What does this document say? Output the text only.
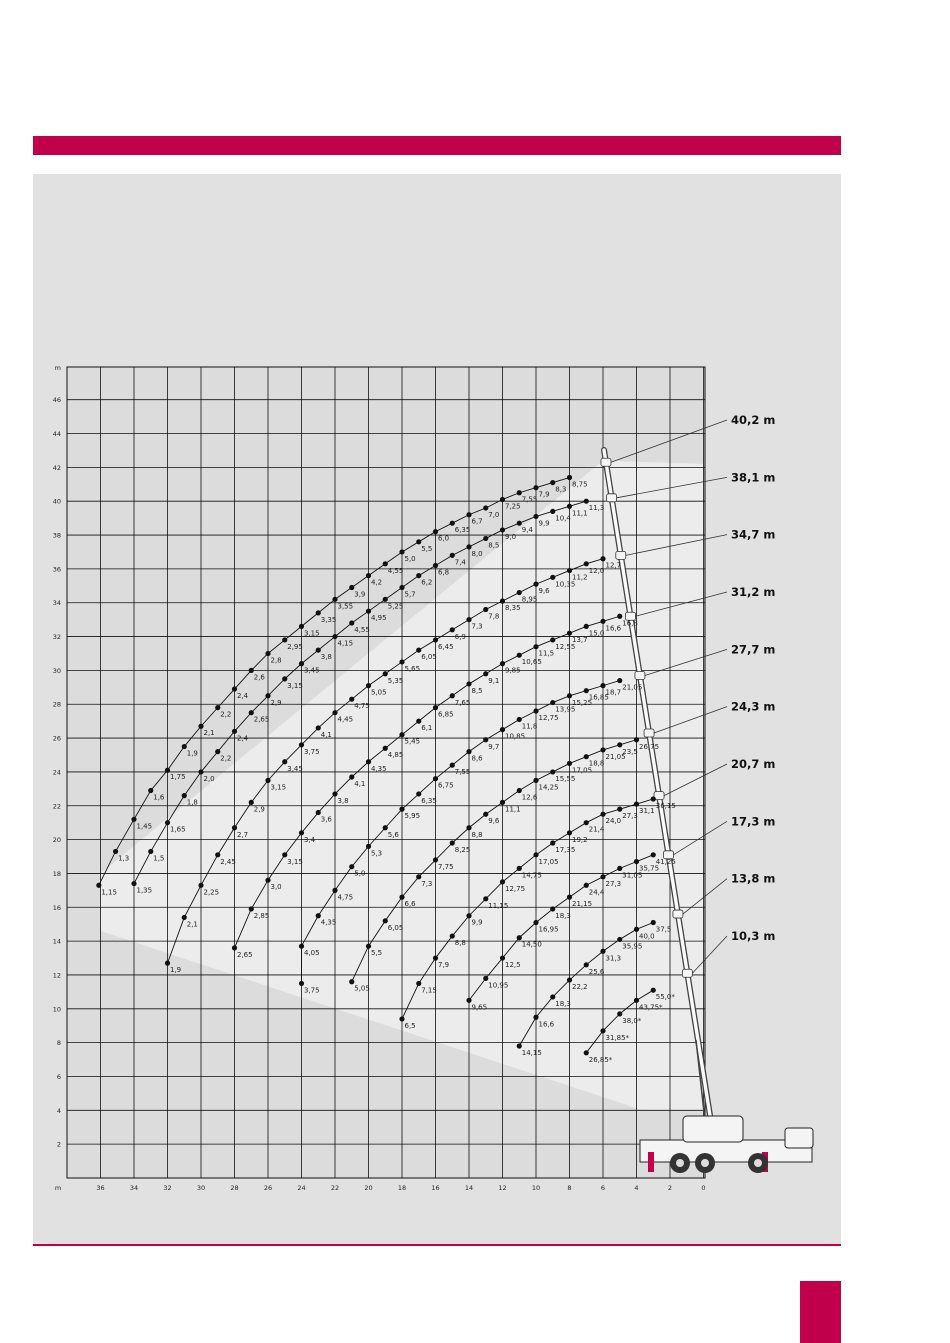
2
4
6
8
10
12
14
16
18
20
22
24
26
28
30
32
34
36
38
40
42
44
46
36	34	32	30	28	26	24	22	20	18	16	14	12	10	8	6	4	2	0
m
m
40,2 m
38,1 m
34,7 m
31,2 m
27,7 m
24,3 m
20,7 m
17,3 m
13,8 m
10,3 m
1,15
1,3
1,45
1,6
1,75
1,9
2,1
2,2
2,4
2,6
2,8
2,95
3,15
3,35
3,55
3,9
4,2
4,55
5,0
5,5
6,0
6,35
6,7
7,0
7,25
7,55
7,9
8,3
8,75
1,35
1,5
1,65
1,8
2,0
2,2
2,4
2,65
2,9
3,15
3,45
3,8
4,15
4,55
4,95
5,25
5,7
6,2
6,8
7,4
8,0
8,5
9,0
9,4
9,9
10,4
11,1
11,3
1,9
2,1
2,25
2,45
2,7
2,9
3,15
3,45
3,75
4,1
4,45
4,75
5,05
5,35
5,65
6,05
6,45
6,9
7,3
7,8
8,35
8,95
9,6
10,35
11,2
12,0
12,7
2,65
2,85
3,0
3,15
3,4
3,6
3,8
4,1
4,35
4,85
5,45
6,1
6,85
7,65
8,5
9,1
9,85
10,65
11,5
12,55
13,7
15,0
16,6
16,8
3,75
4,05
4,35
4,75
5,0
5,3
5,6
5,95
6,35
6,75
7,55
8,6
9,7
10,85
11,8
12,75
13,95
15,25
16,85
18,7
21,05
5,05
5,5
6,05
6,6
7,3
7,75
8,25
8,8
9,6
11,1
12,6
14,25
15,55
17,05
18,8
21,05
23,5
26,75
6,5
7,15
7,9
8,8
9,9
11,15
12,75
14,75
17,05
17,35
19,2
21,4
24,0
27,3
31,1
36,15
9,65
10,95
12,5
14,50
16,95
18,3
21,15
24,4
27,3
31,05
35,75
41,25
14,15
16,6
18,3
22,2
25,6
31,3
35,95
40,0
37,5
26,85*
31,85*
38,0*
43,75*
55,0*
